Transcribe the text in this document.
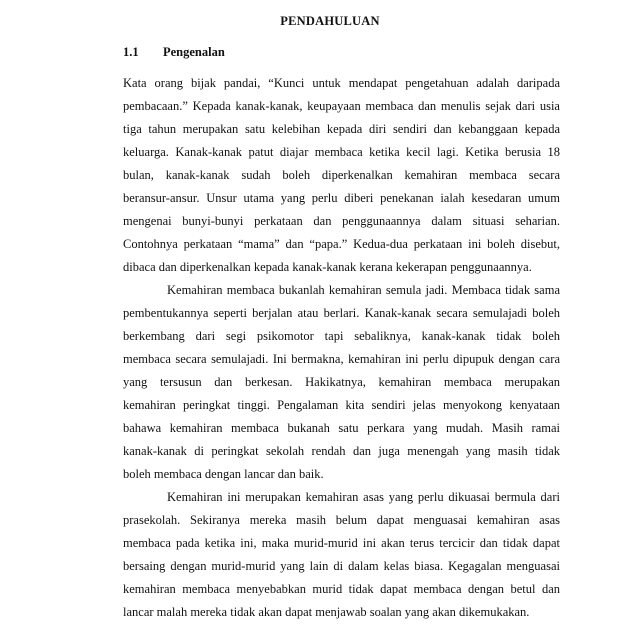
PENDAHULUAN
1.1 Pengenalan
Kata orang bijak pandai, “Kunci untuk mendapat pengetahuan adalah daripada
pembacaan.” Kepada kanak-kanak, keupayaan membaca dan menulis sejak dari usia
tiga tahun merupakan satu kelebihan kepada diri sendiri dan kebanggaan kepada
keluarga. Kanak-kanak patut diajar membaca ketika kecil lagi. Ketika berusia 18
bulan, kanak-kanak sudah boleh diperkenalkan kemahiran membaca secara
beransur-ansur. Unsur utama yang perlu diberi penekanan ialah kesedaran umum
mengenai bunyi-bunyi perkataan dan penggunaannya dalam situasi seharian.
Contohnya perkataan “mama” dan “papa.” Kedua-dua perkataan ini boleh disebut,
dibaca dan diperkenalkan kepada kanak-kanak kerana kekerapan penggunaannya.
Kemahiran membaca bukanlah kemahiran semula jadi. Membaca tidak sama
pembentukannya seperti berjalan atau berlari. Kanak-kanak secara semulajadi boleh
berkembang dari segi psikomotor tapi sebaliknya, kanak-kanak tidak boleh
membaca secara semulajadi. Ini bermakna, kemahiran ini perlu dipupuk dengan cara
yang tersusun dan berkesan. Hakikatnya, kemahiran membaca merupakan
kemahiran peringkat tinggi. Pengalaman kita sendiri jelas menyokong kenyataan
bahawa kemahiran membaca bukanah satu perkara yang mudah. Masih ramai
kanak-kanak di peringkat sekolah rendah dan juga menengah yang masih tidak
boleh membaca dengan lancar dan baik.
Kemahiran ini merupakan kemahiran asas yang perlu dikuasai bermula dari
prasekolah. Sekiranya mereka masih belum dapat menguasai kemahiran asas
membaca pada ketika ini, maka murid-murid ini akan terus tercicir dan tidak dapat
bersaing dengan murid-murid yang lain di dalam kelas biasa. Kegagalan menguasai
kemahiran membaca menyebabkan murid tidak dapat membaca dengan betul dan
lancar malah mereka tidak akan dapat menjawab soalan yang akan dikemukakan.
